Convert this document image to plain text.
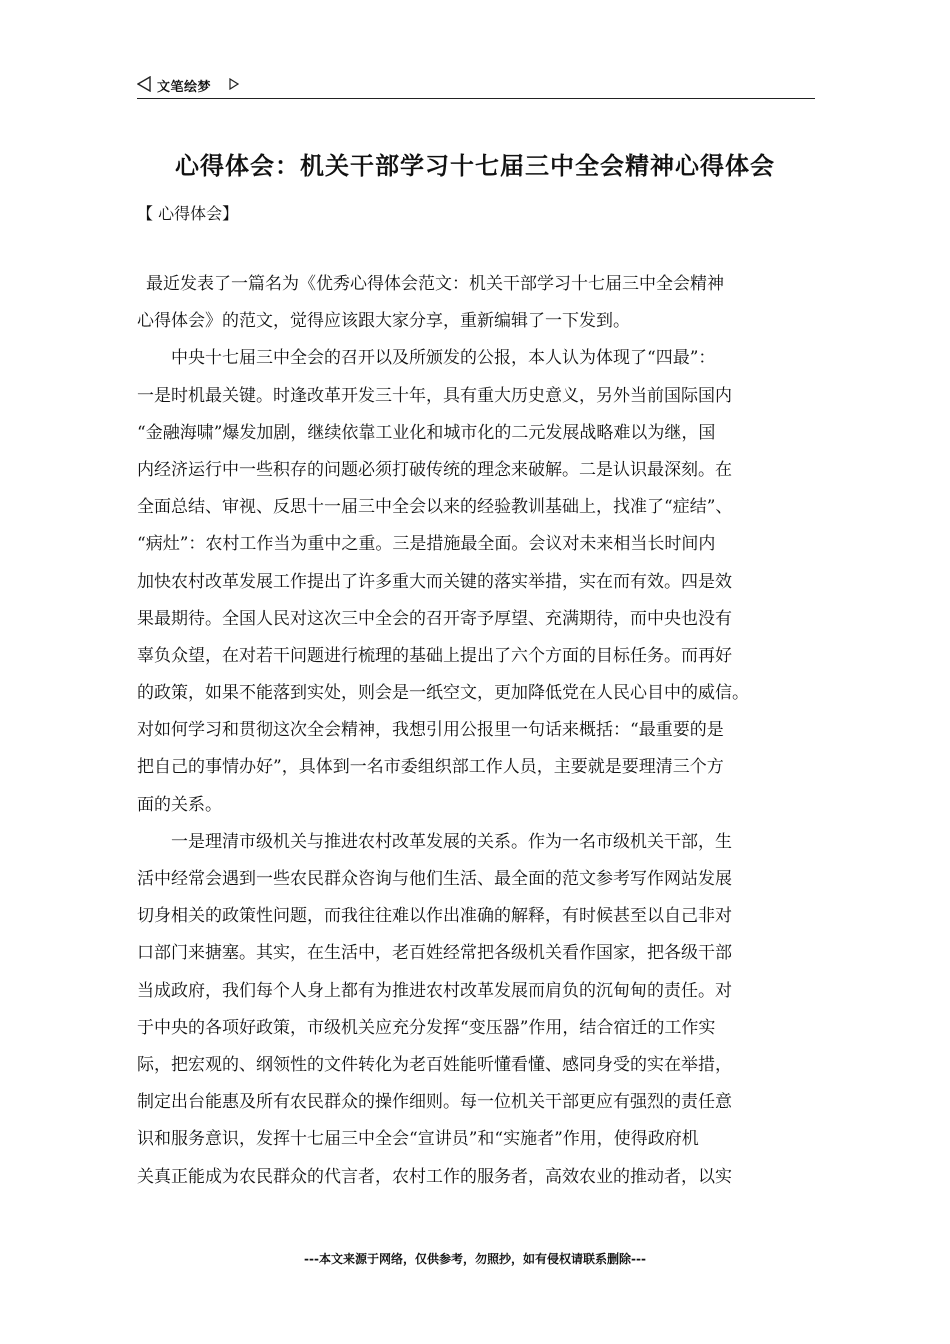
文笔绘梦
心得体会：机关干部学习十七届三中全会精神心得体会
【 心得体会】
最近发表了一篇名为《优秀心得体会范文：机关干部学习十七届三中全会精神
心得体会》的范文，觉得应该跟大家分享，重新编辑了一下发到。
中央十七届三中全会的召开以及所颁发的公报，本人认为体现了“四最”：
一是时机最关键。时逢改革开发三十年，具有重大历史意义，另外当前国际国内
“金融海啸”爆发加剧，继续依靠工业化和城市化的二元发展战略难以为继，国
内经济运行中一些积存的问题必须打破传统的理念来破解。二是认识最深刻。在
全面总结、审视、反思十一届三中全会以来的经验教训基础上，找准了“症结”、
“病灶”：农村工作当为重中之重。三是措施最全面。会议对未来相当长时间内
加快农村改革发展工作提出了许多重大而关键的落实举措，实在而有效。四是效
果最期待。全国人民对这次三中全会的召开寄予厚望、充满期待，而中央也没有
辜负众望，在对若干问题进行梳理的基础上提出了六个方面的目标任务。而再好
的政策，如果不能落到实处，则会是一纸空文，更加降低党在人民心目中的威信。
对如何学习和贯彻这次全会精神，我想引用公报里一句话来概括：“最重要的是
把自己的事情办好”，具体到一名市委组织部工作人员，主要就是要理清三个方
面的关系。
一是理清市级机关与推进农村改革发展的关系。作为一名市级机关干部，生
活中经常会遇到一些农民群众咨询与他们生活、最全面的范文参考写作网站发展
切身相关的政策性问题，而我往往难以作出准确的解释，有时候甚至以自己非对
口部门来搪塞。其实，在生活中，老百姓经常把各级机关看作国家，把各级干部
当成政府，我们每个人身上都有为推进农村改革发展而肩负的沉甸甸的责任。对
于中央的各项好政策，市级机关应充分发挥“变压器”作用，结合宿迁的工作实
际，把宏观的、纲领性的文件转化为老百姓能听懂看懂、感同身受的实在举措，
制定出台能惠及所有农民群众的操作细则。每一位机关干部更应有强烈的责任意
识和服务意识，发挥十七届三中全会“宣讲员”和“实施者”作用，使得政府机
关真正能成为农民群众的代言者，农村工作的服务者，高效农业的推动者，以实
---本文来源于网络，仅供参考，勿照抄，如有侵权请联系删除---
